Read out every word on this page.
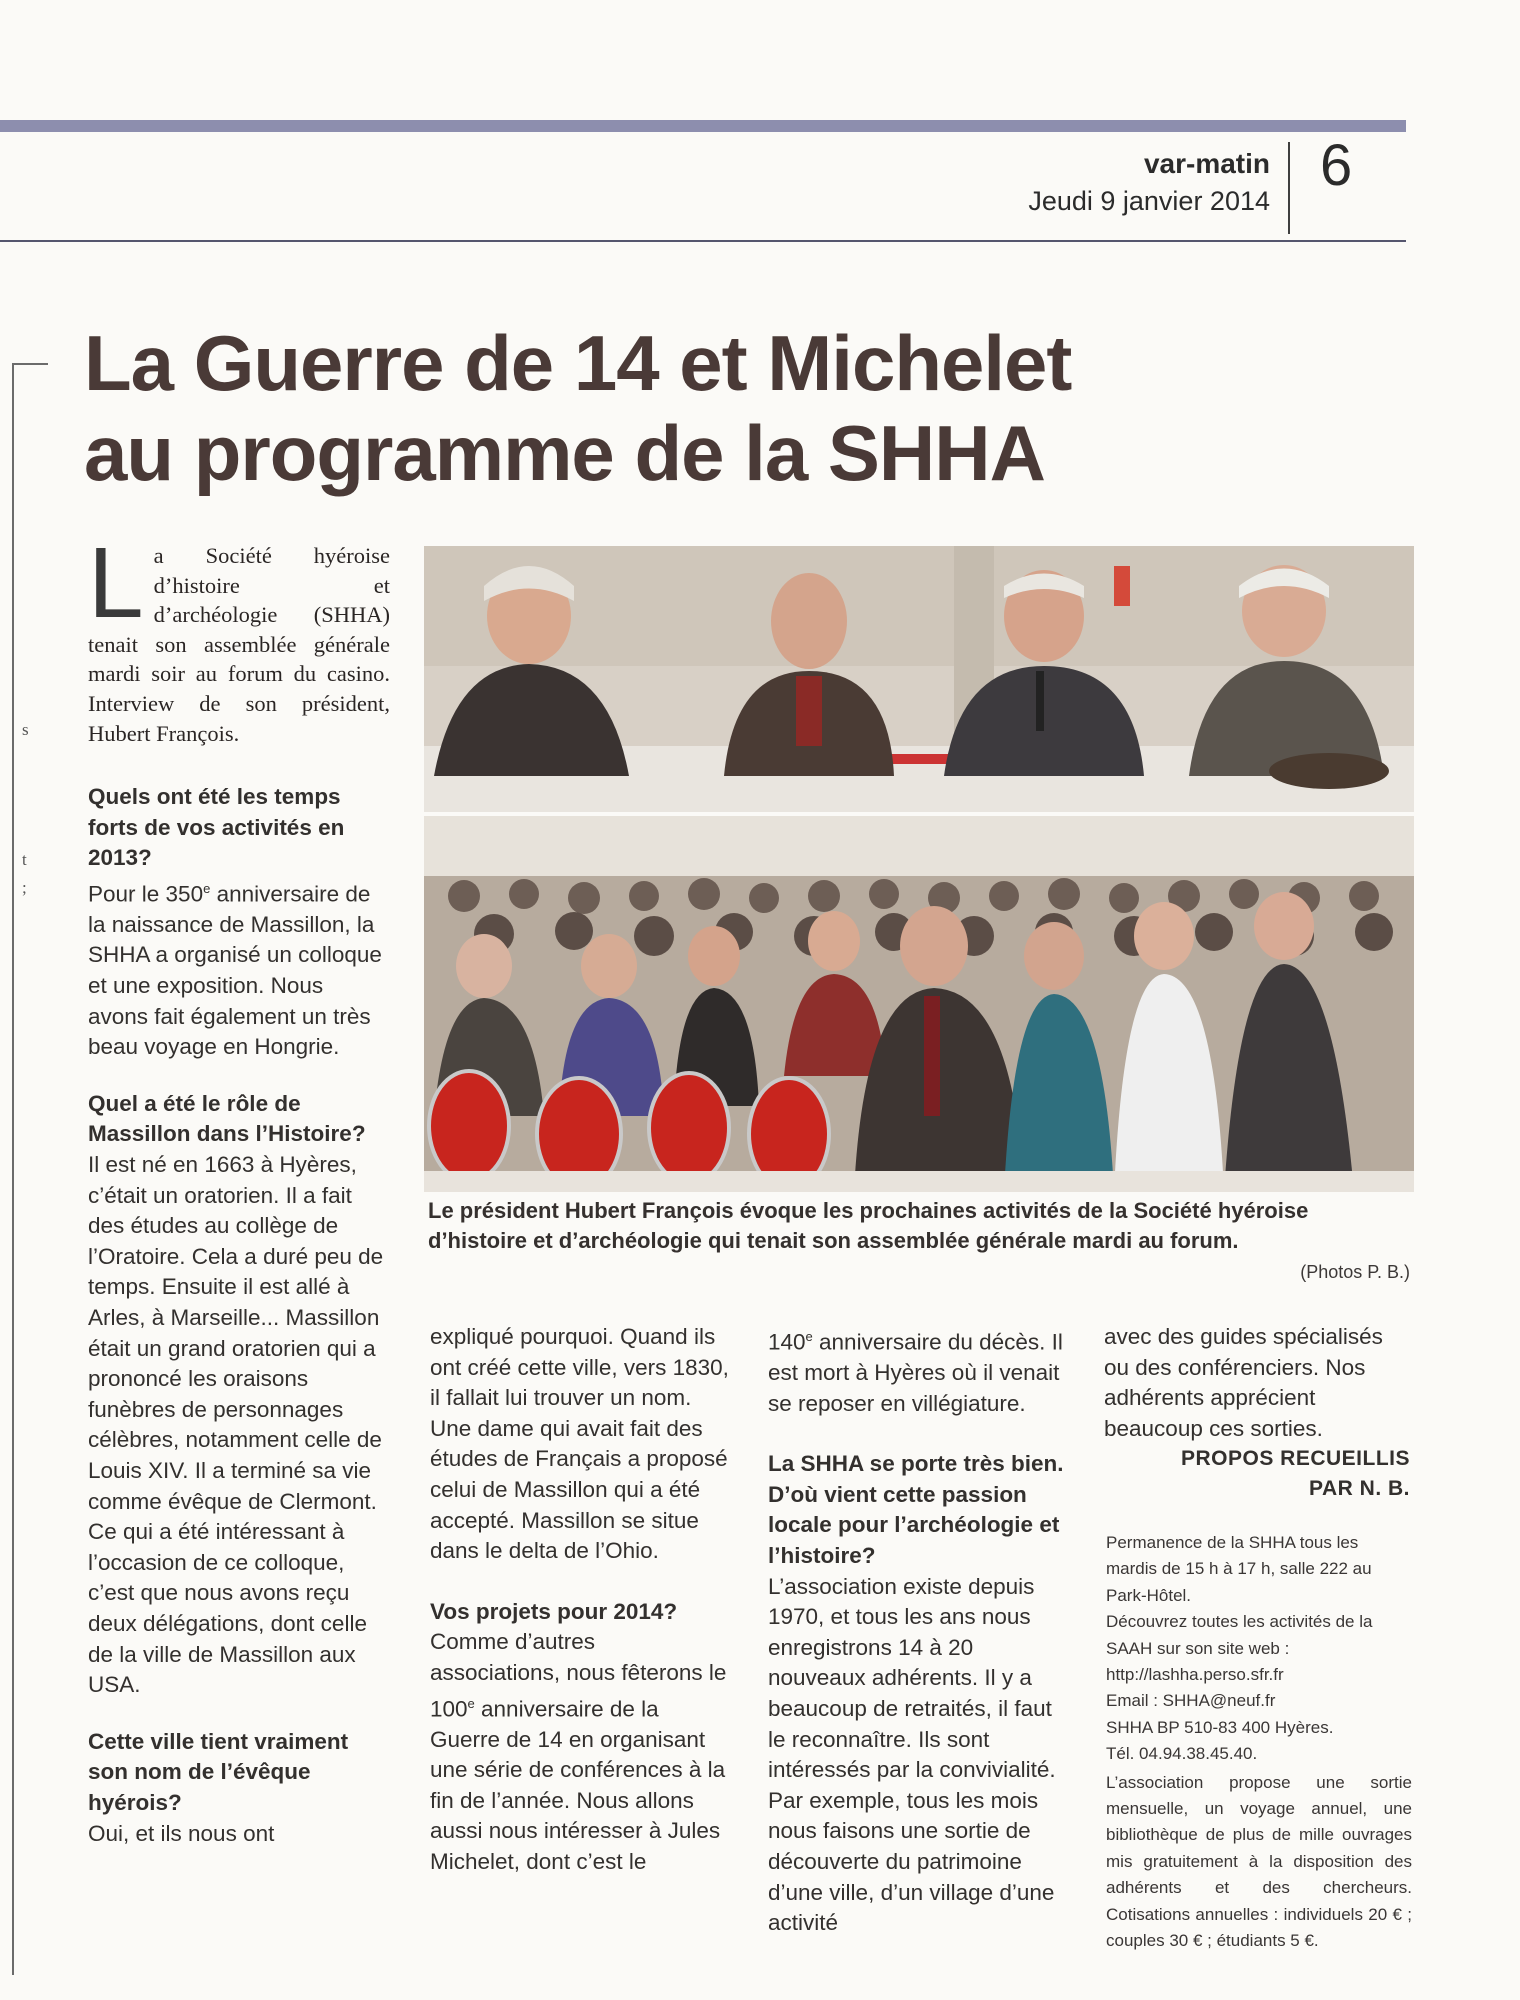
s
t
;
var-matin
Jeudi 9 janvier 2014
6
La Guerre de 14 et Michelet
au programme de la SHHA

L a Société hyéroise d’histoire et d’archéologie (SHHA) tenait son assemblée générale mardi soir au forum du casino. Interview de son président, Hubert François.

Quels ont été les temps forts de vos activités en 2013?

Pour le 350e anniversaire de la naissance de Massillon, la SHHA a organisé un colloque et une exposition. Nous avons fait également un très beau voyage en Hongrie.

Quel a été le rôle de Massillon dans l’Histoire?

Il est né en 1663 à Hyères, c’était un oratorien. Il a fait des études au collège de l’Oratoire. Cela a duré peu de temps. Ensuite il est allé à Arles, à Marseille... Massillon était un grand oratorien qui a prononcé les oraisons funèbres de personnages célèbres, notamment celle de Louis XIV. Il a terminé sa vie comme évêque de Clermont. Ce qui a été intéressant à l’occasion de ce colloque, c’est que nous avons reçu deux délégations, dont celle de la ville de Massillon aux USA.

Cette ville tient vraiment son nom de l’évêque hyérois?

Oui, et ils nous ont

Le président Hubert François évoque les prochaines activités de la Société hyéroise d’histoire et d’archéologie qui tenait son assemblée générale mardi au forum.

(Photos P. B.)

expliqué pourquoi. Quand ils ont créé cette ville, vers 1830, il fallait lui trouver un nom. Une dame qui avait fait des études de Français a proposé celui de Massillon qui a été accepté. Massillon se situe dans le delta de l’Ohio.

Vos projets pour 2014?

Comme d’autres associations, nous fêterons le 100e anniversaire de la Guerre de 14 en organisant une série de conférences à la fin de l’année. Nous allons aussi nous intéresser à Jules Michelet, dont c’est le

140e anniversaire du décès. Il est mort à Hyères où il venait se reposer en villégiature.

La SHHA se porte très bien. D’où vient cette passion locale pour l’archéologie et l’histoire?

L’association existe depuis 1970, et tous les ans nous enregistrons 14 à 20 nouveaux adhérents. Il y a beaucoup de retraités, il faut le reconnaître. Ils sont intéressés par la convivialité. Par exemple, tous les mois nous faisons une sortie de découverte du patrimoine d’une ville, d’un village d’une activité

avec des guides spécialisés ou des conférenciers. Nos adhérents apprécient beaucoup ces sorties.

PROPOS RECUEILLIS
PAR N. B.

Permanence de la SHHA tous les mardis de 15 h à 17 h, salle 222 au Park-Hôtel.

Découvrez toutes les activités de la SAAH sur son site web : http://lashha.perso.sfr.fr

Email : SHHA@neuf.fr

SHHA BP 510-83 400 Hyères.

Tél. 04.94.38.45.40.

L’association propose une sortie mensuelle, un voyage annuel, une bibliothèque de plus de mille ouvrages mis gratuitement à la disposition des adhérents et des chercheurs. Cotisations annuelles : individuels 20 € ; couples 30 € ; étudiants 5 €.
